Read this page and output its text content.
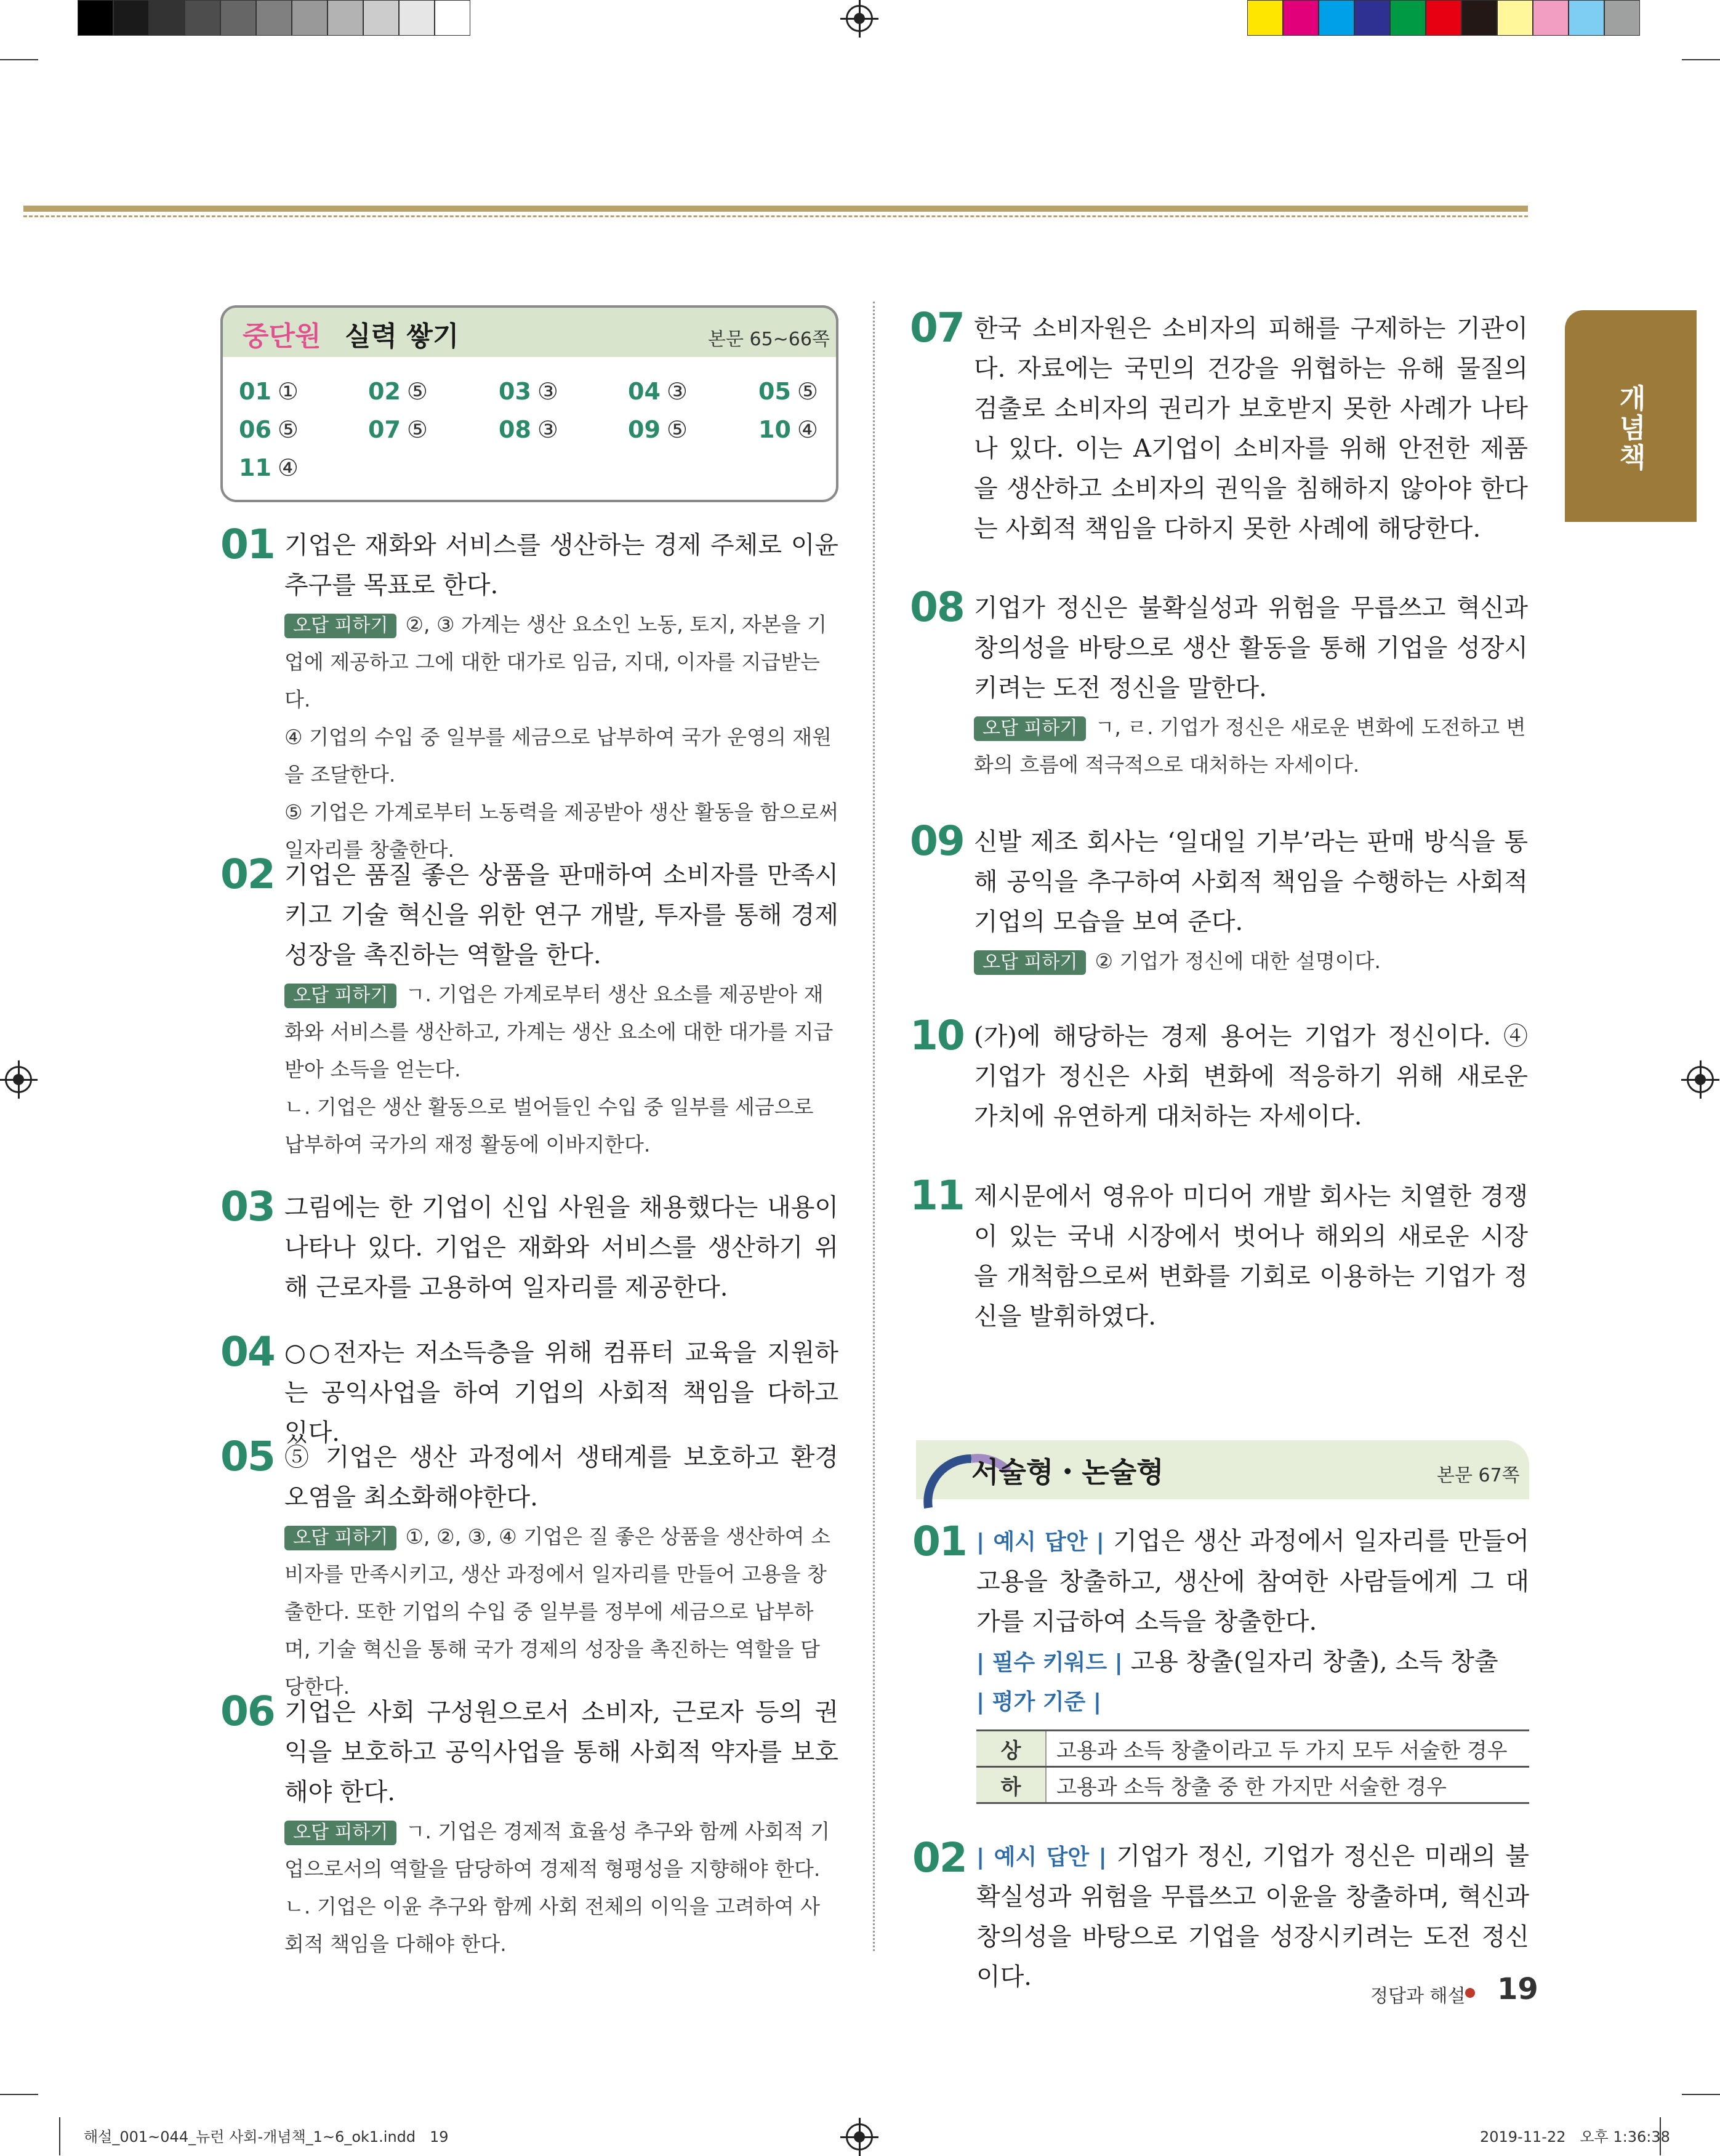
개념책
중단원 실력 쌓기	본문 65~66쪽
01 ①	02 ⑤	03 ③	04 ③	05 ⑤
06 ⑤	07 ⑤	08 ③	09 ⑤	10 ④
11 ④
01 기업은 재화와 서비스를 생산하는 경제 주체로 이윤 추구를 목표로 한다.
오답 피하기 ②, ③ 가계는 생산 요소인 노동, 토지, 자본을 기업에 제공하고 그에 대한 대가로 임금, 지대, 이자를 지급받는다.
④ 기업의 수입 중 일부를 세금으로 납부하여 국가 운영의 재원을 조달한다.
⑤ 기업은 가계로부터 노동력을 제공받아 생산 활동을 함으로써 일자리를 창출한다.
02 기업은 품질 좋은 상품을 판매하여 소비자를 만족시키고 기술 혁신을 위한 연구 개발, 투자를 통해 경제 성장을 촉진하는 역할을 한다.
오답 피하기 ㄱ. 기업은 가계로부터 생산 요소를 제공받아 재화와 서비스를 생산하고, 가계는 생산 요소에 대한 대가를 지급받아 소득을 얻는다.
ㄴ. 기업은 생산 활동으로 벌어들인 수입 중 일부를 세금으로 납부하여 국가의 재정 활동에 이바지한다.
03 그림에는 한 기업이 신입 사원을 채용했다는 내용이 나타나 있다. 기업은 재화와 서비스를 생산하기 위해 근로자를 고용하여 일자리를 제공한다.
04 ○○전자는 저소득층을 위해 컴퓨터 교육을 지원하는 공익사업을 하여 기업의 사회적 책임을 다하고 있다.
05 ⑤ 기업은 생산 과정에서 생태계를 보호하고 환경 오염을 최소화해야한다.
오답 피하기 ①, ②, ③, ④ 기업은 질 좋은 상품을 생산하여 소비자를 만족시키고, 생산 과정에서 일자리를 만들어 고용을 창출한다. 또한 기업의 수입 중 일부를 정부에 세금으로 납부하며, 기술 혁신을 통해 국가 경제의 성장을 촉진하는 역할을 담당한다.
06 기업은 사회 구성원으로서 소비자, 근로자 등의 권익을 보호하고 공익사업을 통해 사회적 약자를 보호해야 한다.
오답 피하기 ㄱ. 기업은 경제적 효율성 추구와 함께 사회적 기업으로서의 역할을 담당하여 경제적 형평성을 지향해야 한다.
ㄴ. 기업은 이윤 추구와 함께 사회 전체의 이익을 고려하여 사회적 책임을 다해야 한다.
07 한국 소비자원은 소비자의 피해를 구제하는 기관이다. 자료에는 국민의 건강을 위협하는 유해 물질의 검출로 소비자의 권리가 보호받지 못한 사례가 나타나 있다. 이는 A기업이 소비자를 위해 안전한 제품을 생산하고 소비자의 권익을 침해하지 않아야 한다는 사회적 책임을 다하지 못한 사례에 해당한다.
08 기업가 정신은 불확실성과 위험을 무릅쓰고 혁신과 창의성을 바탕으로 생산 활동을 통해 기업을 성장시키려는 도전 정신을 말한다.
오답 피하기 ㄱ, ㄹ. 기업가 정신은 새로운 변화에 도전하고 변화의 흐름에 적극적으로 대처하는 자세이다.
09 신발 제조 회사는 ‘일대일 기부’라는 판매 방식을 통해 공익을 추구하여 사회적 책임을 수행하는 사회적 기업의 모습을 보여 준다.
오답 피하기 ② 기업가 정신에 대한 설명이다.
10 (가)에 해당하는 경제 용어는 기업가 정신이다. ④ 기업가 정신은 사회 변화에 적응하기 위해 새로운 가치에 유연하게 대처하는 자세이다.
11 제시문에서 영유아 미디어 개발 회사는 치열한 경쟁이 있는 국내 시장에서 벗어나 해외의 새로운 시장을 개척함으로써 변화를 기회로 이용하는 기업가 정신을 발휘하였다.
서술형・논술형	본문 67쪽
01 | 예시 답안 | 기업은 생산 과정에서 일자리를 만들어 고용을 창출하고, 생산에 참여한 사람들에게 그 대가를 지급하여 소득을 창출한다.
| 필수 키워드 | 고용 창출(일자리 창출), 소득 창출
| 평가 기준 |
상	고용과 소득 창출이라고 두 가지 모두 서술한 경우
하	고용과 소득 창출 중 한 가지만 서술한 경우
02 | 예시 답안 | 기업가 정신, 기업가 정신은 미래의 불확실성과 위험을 무릅쓰고 이윤을 창출하며, 혁신과 창의성을 바탕으로 기업을 성장시키려는 도전 정신이다.
정답과 해설 19
해설_001~044_뉴런 사회-개념책_1~6_ok1.indd   19	2019-11-22   오후 1:36:38
